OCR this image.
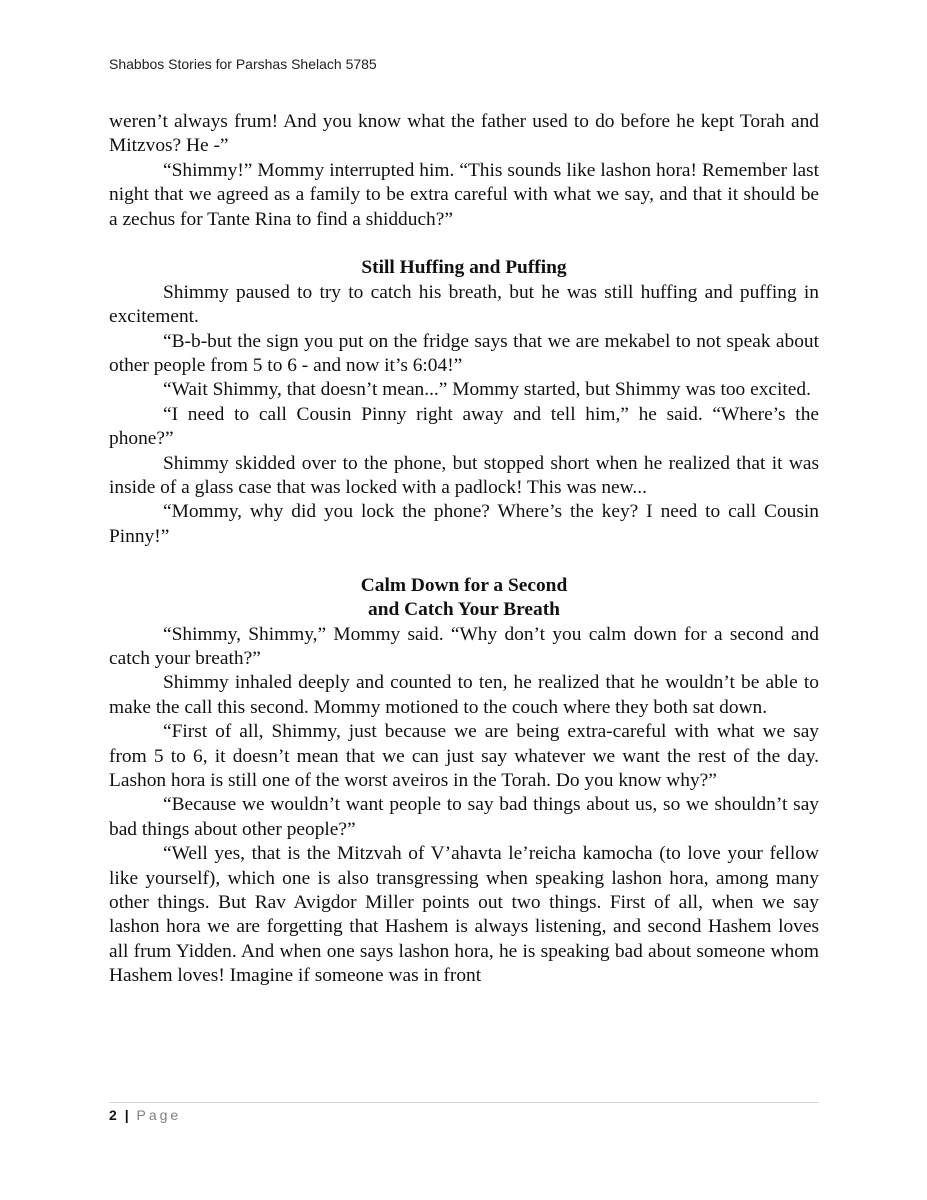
Shabbos Stories for Parshas Shelach 5785

weren’t always frum! And you know what the father used to do before he kept Torah and Mitzvos? He -”

“Shimmy!” Mommy interrupted him. “This sounds like lashon hora! Remember last night that we agreed as a family to be extra careful with what we say, and that it should be a zechus for Tante Rina to find a shidduch?”

Still Huffing and Puffing

Shimmy paused to try to catch his breath, but he was still huffing and puffing in excitement.

“B-b-but the sign you put on the fridge says that we are mekabel to not speak about other people from 5 to 6 - and now it’s 6:04!”

“Wait Shimmy, that doesn’t mean...” Mommy started, but Shimmy was too excited.

“I need to call Cousin Pinny right away and tell him,” he said. “Where’s the phone?”

Shimmy skidded over to the phone, but stopped short when he realized that it was inside of a glass case that was locked with a padlock! This was new...

“Mommy, why did you lock the phone? Where’s the key? I need to call Cousin Pinny!”

Calm Down for a Second
and Catch Your Breath

“Shimmy, Shimmy,” Mommy said. “Why don’t you calm down for a second and catch your breath?”

Shimmy inhaled deeply and counted to ten, he realized that he wouldn’t be able to make the call this second. Mommy motioned to the couch where they both sat down.

“First of all, Shimmy, just because we are being extra-careful with what we say from 5 to 6, it doesn’t mean that we can just say whatever we want the rest of the day. Lashon hora is still one of the worst aveiros in the Torah. Do you know why?”

“Because we wouldn’t want people to say bad things about us, so we shouldn’t say bad things about other people?”

“Well yes, that is the Mitzvah of V’ahavta le’reicha kamocha (to love your fellow like yourself), which one is also transgressing when speaking lashon hora, among many other things. But Rav Avigdor Miller points out two things. First of all, when we say lashon hora we are forgetting that Hashem is always listening, and second Hashem loves all frum Yidden. And when one says lashon hora, he is speaking bad about someone whom Hashem loves! Imagine if someone was in front

2 | Page
